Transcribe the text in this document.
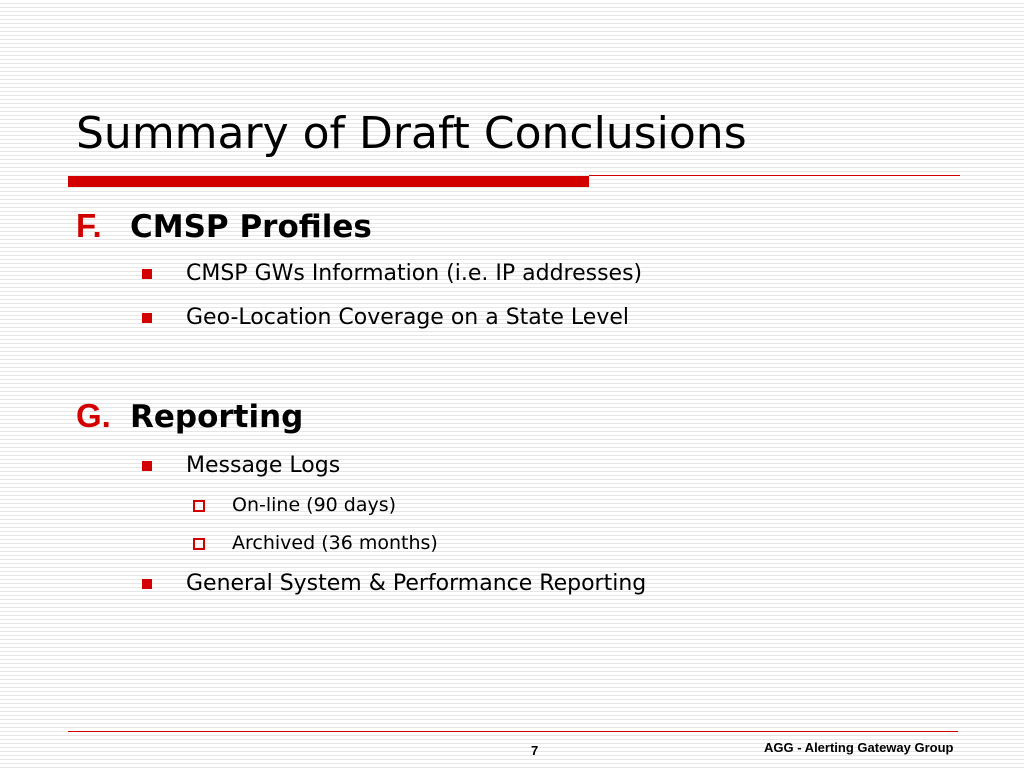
Summary of Draft Conclusions
F. CMSP Profiles
CMSP GWs Information (i.e. IP addresses)
Geo-Location Coverage on a State Level
G. Reporting
Message Logs
On-line (90 days)
Archived (36 months)
General System & Performance Reporting
7	AGG - Alerting Gateway Group
